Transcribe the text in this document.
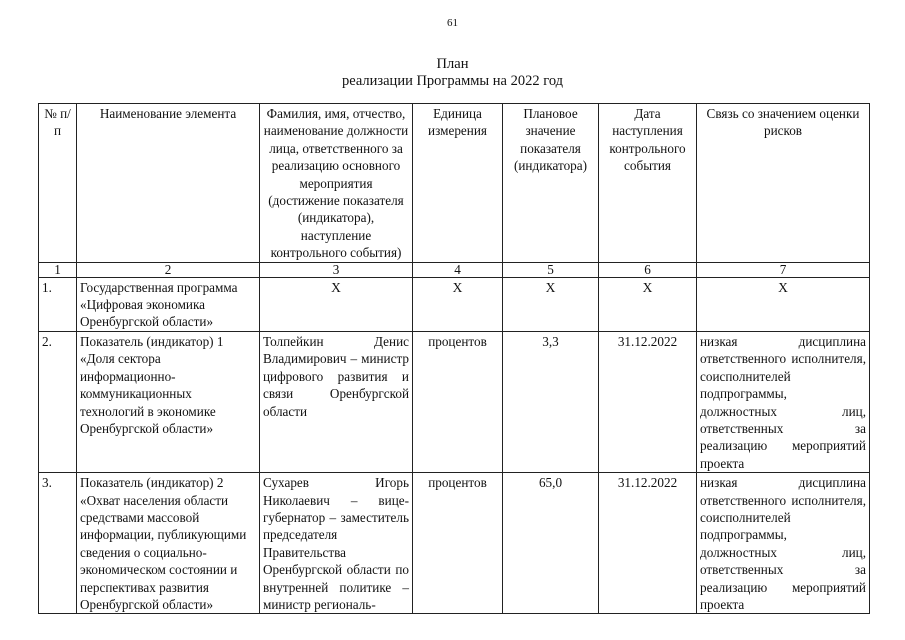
61
План
реализации Программы на 2022 год
№ п/п	Наименование элемента	Фамилия, имя, отчество, наименование должности лица, ответственного за реализацию основного мероприятия (достижение показателя (индикатора), наступление контрольного события)	Единица измерения	Плановое значение показателя (индикатора)	Дата наступления контрольного события	Связь со значением оценки рисков
1	2	3	4	5	6	7
1.	Государственная программа «Цифровая экономика Оренбургской области»	Х	Х	Х	Х	Х
2.	Показатель (индикатор) 1 «Доля сектора информационно-коммуникационных технологий в экономике Оренбургской области»	Толпейкин Денис Владимирович – министр цифрового развития и связи Оренбургской области	процентов	3,3	31.12.2022	низкая дисциплина ответственного исполнителя, соисполнителей подпрограммы, должностных лиц, ответственных за реализацию мероприятий проекта
3.	Показатель (индикатор) 2 «Охват населения области средствами массовой информации, публикующими сведения о социально-экономическом состоянии и перспективах развития Оренбургской области»	Сухарев Игорь Николаевич – вице-губернатор – заместитель председателя Правительства Оренбургской области по внутренней политике – министр региональ-	процентов	65,0	31.12.2022	низкая дисциплина ответственного исполнителя, соисполнителей подпрограммы, должностных лиц, ответственных за реализацию мероприятий проекта
